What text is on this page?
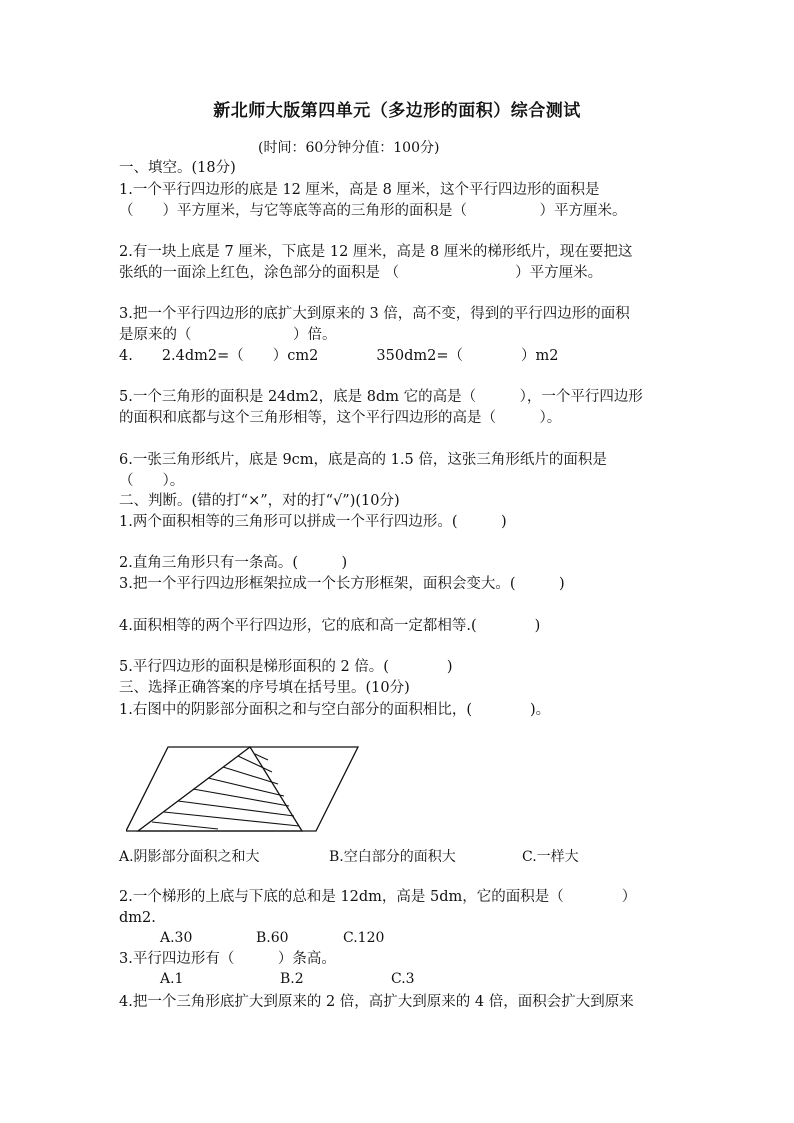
新北师大版第四单元（多边形的面积）综合测试
(时间：60分钟分值：100分)
一、填空。(18分)
1.一个平行四边形的底是 12 厘米，高是 8 厘米，这个平行四边形的面积是
（　　）平方厘米，与它等底等高的三角形的面积是（　　　　　）平方厘米。
2.有一块上底是 7 厘米，下底是 12 厘米，高是 8 厘米的梯形纸片，现在要把这
张纸的一面涂上红色，涂色部分的面积是 （　　　　　　　　）平方厘米。
3.把一个平行四边形的底扩大到原来的 3 倍，高不变，得到的平行四边形的面积
是原来的（　　　　　　　）倍。
4.　　2.4dm2=（　　）cm2　　　　350dm2=（　　　　）m2
5.一个三角形的面积是 24dm2，底是 8dm 它的高是（　　　），一个平行四边形
的面积和底都与这个三角形相等，这个平行四边形的高是（　　　）。
6.一张三角形纸片，底是 9cm，底是高的 1.5 倍，这张三角形纸片的面积是
（　　）。
二、判断。(错的打“×”，对的打“√”)(10分)
1.两个面积相等的三角形可以拼成一个平行四边形。(　　　)
2.直角三角形只有一条高。(　　　)
3.把一个平行四边形框架拉成一个长方形框架，面积会变大。(　　　)
4.面积相等的两个平行四边形，它的底和高一定都相等.(　　　　)
5.平行四边形的面积是梯形面积的 2 倍。(　　　　)
三、选择正确答案的序号填在括号里。(10分)
1.右图中的阴影部分面积之和与空白部分的面积相比，(　　　　)。
A.阴影部分面积之和大	B.空白部分的面积大	C.一样大
2.一个梯形的上底与下底的总和是 12dm，高是 5dm，它的面积是（　　　　）
dm2.
A.30	B.60	C.120
3.平行四边形有（　　　）条高。
A.1	B.2	C.3
4.把一个三角形底扩大到原来的 2 倍，高扩大到原来的 4 倍，面积会扩大到原来
